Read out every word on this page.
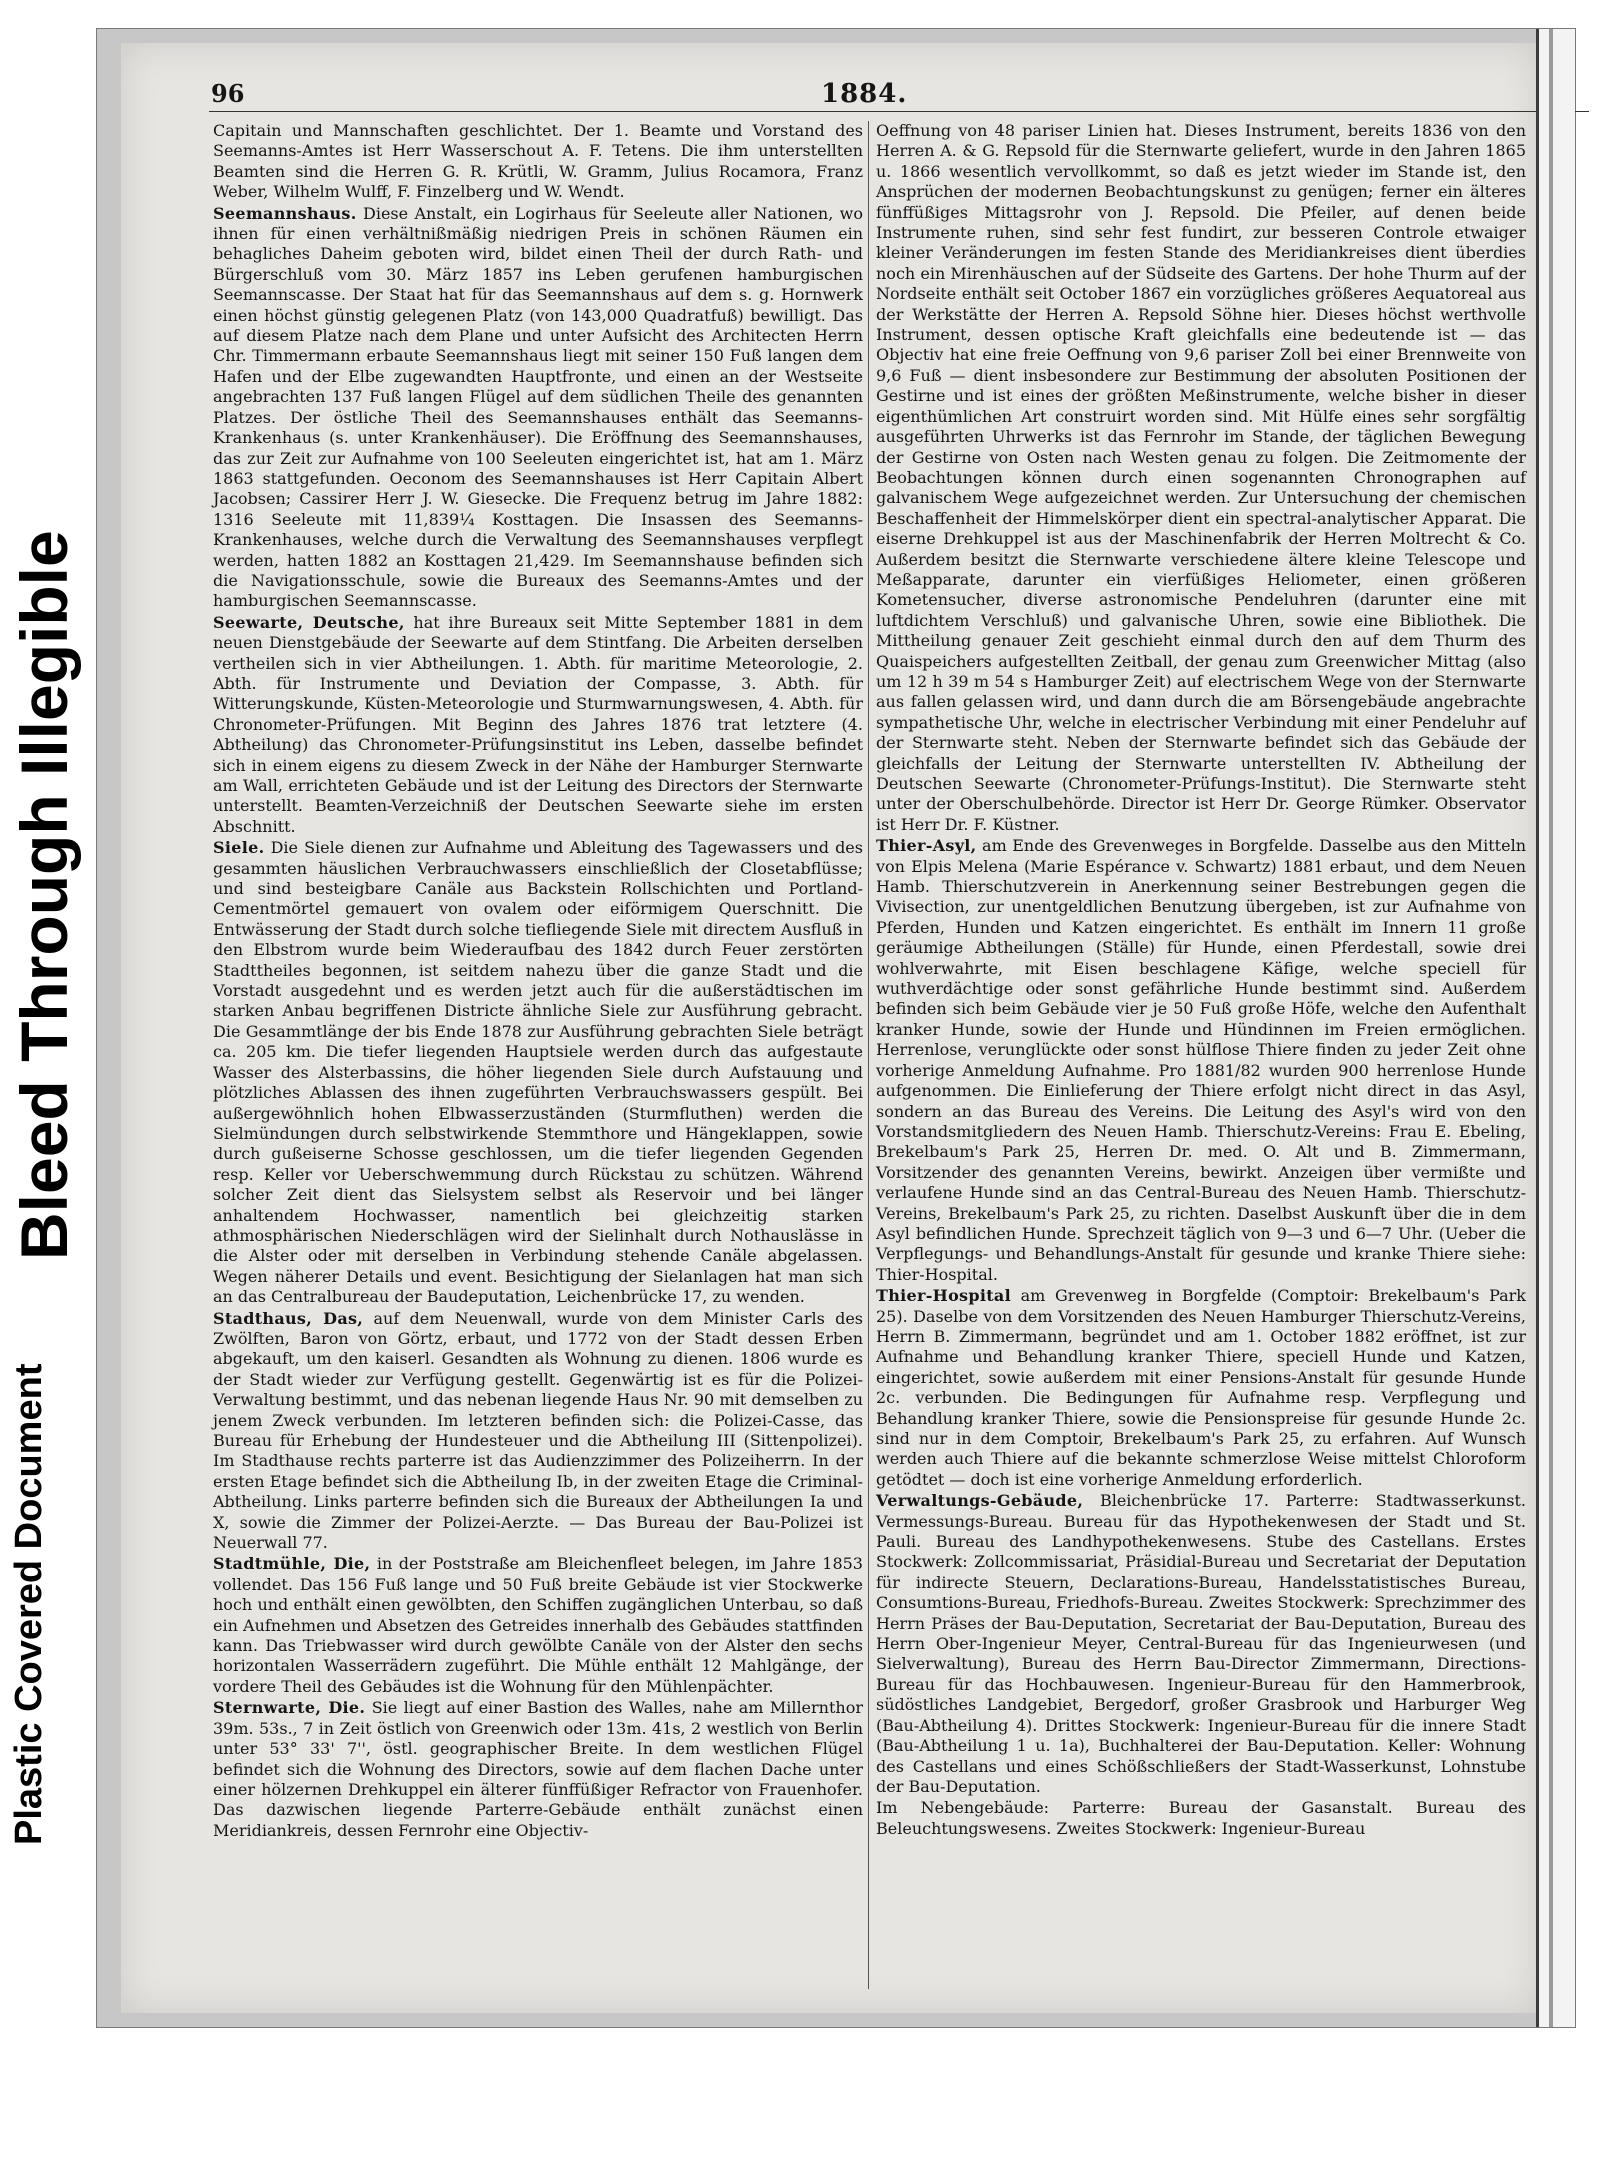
Plastic Covered Document
Bleed Through Illegible
96	1884.

Capitain und Mannschaften geschlichtet. Der 1. Beamte und Vorstand des Seemanns-Amtes ist Herr Wasserschout A. F. Tetens. Die ihm unterstellten Beamten sind die Herren G. R. Krütli, W. Gramm, Julius Rocamora, Franz Weber, Wilhelm Wulff, F. Finzelberg und W. Wendt.

Seemannshaus. Diese Anstalt, ein Logirhaus für Seeleute aller Nationen, wo ihnen für einen verhältnißmäßig niedrigen Preis in schönen Räumen ein behagliches Daheim geboten wird, bildet einen Theil der durch Rath- und Bürgerschluß vom 30. März 1857 ins Leben gerufenen hamburgischen Seemannscasse. Der Staat hat für das Seemannshaus auf dem s. g. Hornwerk einen höchst günstig gelegenen Platz (von 143,000 Quadratfuß) bewilligt. Das auf diesem Platze nach dem Plane und unter Aufsicht des Architecten Herrn Chr. Timmermann erbaute Seemannshaus liegt mit seiner 150 Fuß langen dem Hafen und der Elbe zugewandten Hauptfronte, und einen an der Westseite angebrachten 137 Fuß langen Flügel auf dem südlichen Theile des genannten Platzes. Der östliche Theil des Seemannshauses enthält das Seemanns-Krankenhaus (s. unter Krankenhäuser). Die Eröffnung des Seemannshauses, das zur Zeit zur Aufnahme von 100 Seeleuten eingerichtet ist, hat am 1. März 1863 stattgefunden. Oeconom des Seemannshauses ist Herr Capitain Albert Jacobsen; Cassirer Herr J. W. Giesecke. Die Frequenz betrug im Jahre 1882: 1316 Seeleute mit 11,839¼ Kosttagen. Die Insassen des Seemanns-Krankenhauses, welche durch die Verwaltung des Seemannshauses verpflegt werden, hatten 1882 an Kosttagen 21,429. Im Seemannshause befinden sich die Navigationsschule, sowie die Bureaux des Seemanns-Amtes und der hamburgischen Seemannscasse.

Seewarte, Deutsche, hat ihre Bureaux seit Mitte September 1881 in dem neuen Dienstgebäude der Seewarte auf dem Stintfang. Die Arbeiten derselben vertheilen sich in vier Abtheilungen. 1. Abth. für maritime Meteorologie, 2. Abth. für Instrumente und Deviation der Compasse, 3. Abth. für Witterungskunde, Küsten-Meteorologie und Sturmwarnungswesen, 4. Abth. für Chronometer-Prüfungen. Mit Beginn des Jahres 1876 trat letztere (4. Abtheilung) das Chronometer-Prüfungsinstitut ins Leben, dasselbe befindet sich in einem eigens zu diesem Zweck in der Nähe der Hamburger Sternwarte am Wall, errichteten Gebäude und ist der Leitung des Directors der Sternwarte unterstellt. Beamten-Verzeichniß der Deutschen Seewarte siehe im ersten Abschnitt.

Siele. Die Siele dienen zur Aufnahme und Ableitung des Tagewassers und des gesammten häuslichen Verbrauchwassers einschließlich der Closetabflüsse; und sind besteigbare Canäle aus Backstein Rollschichten und Portland-Cementmörtel gemauert von ovalem oder eiförmigem Querschnitt. Die Entwässerung der Stadt durch solche tiefliegende Siele mit directem Ausfluß in den Elbstrom wurde beim Wiederaufbau des 1842 durch Feuer zerstörten Stadttheiles begonnen, ist seitdem nahezu über die ganze Stadt und die Vorstadt ausgedehnt und es werden jetzt auch für die außerstädtischen im starken Anbau begriffenen Districte ähnliche Siele zur Ausführung gebracht. Die Gesammtlänge der bis Ende 1878 zur Ausführung gebrachten Siele beträgt ca. 205 km. Die tiefer liegenden Hauptsiele werden durch das aufgestaute Wasser des Alsterbassins, die höher liegenden Siele durch Aufstauung und plötzliches Ablassen des ihnen zugeführten Verbrauchswassers gespült. Bei außergewöhnlich hohen Elbwasserzuständen (Sturmfluthen) werden die Sielmündungen durch selbstwirkende Stemmthore und Hängeklappen, sowie durch gußeiserne Schosse geschlossen, um die tiefer liegenden Gegenden resp. Keller vor Ueberschwemmung durch Rückstau zu schützen. Während solcher Zeit dient das Sielsystem selbst als Reservoir und bei länger anhaltendem Hochwasser, namentlich bei gleichzeitig starken athmosphärischen Niederschlägen wird der Sielinhalt durch Nothauslässe in die Alster oder mit derselben in Verbindung stehende Canäle abgelassen. Wegen näherer Details und event. Besichtigung der Sielanlagen hat man sich an das Centralbureau der Baudeputation, Leichenbrücke 17, zu wenden.

Stadthaus, Das, auf dem Neuenwall, wurde von dem Minister Carls des Zwölften, Baron von Görtz, erbaut, und 1772 von der Stadt dessen Erben abgekauft, um den kaiserl. Gesandten als Wohnung zu dienen. 1806 wurde es der Stadt wieder zur Verfügung gestellt. Gegenwärtig ist es für die Polizei-Verwaltung bestimmt, und das nebenan liegende Haus Nr. 90 mit demselben zu jenem Zweck verbunden. Im letzteren befinden sich: die Polizei-Casse, das Bureau für Erhebung der Hundesteuer und die Abtheilung III (Sittenpolizei). Im Stadthause rechts parterre ist das Audienzzimmer des Polizeiherrn. In der ersten Etage befindet sich die Abtheilung Ib, in der zweiten Etage die Criminal-Abtheilung. Links parterre befinden sich die Bureaux der Abtheilungen Ia und X, sowie die Zimmer der Polizei-Aerzte. — Das Bureau der Bau-Polizei ist Neuerwall 77.

Stadtmühle, Die, in der Poststraße am Bleichenfleet belegen, im Jahre 1853 vollendet. Das 156 Fuß lange und 50 Fuß breite Gebäude ist vier Stockwerke hoch und enthält einen gewölbten, den Schiffen zugänglichen Unterbau, so daß ein Aufnehmen und Absetzen des Getreides innerhalb des Gebäudes stattfinden kann. Das Triebwasser wird durch gewölbte Canäle von der Alster den sechs horizontalen Wasserrädern zugeführt. Die Mühle enthält 12 Mahlgänge, der vordere Theil des Gebäudes ist die Wohnung für den Mühlenpächter.

Sternwarte, Die. Sie liegt auf einer Bastion des Walles, nahe am Millernthor 39m. 53s., 7 in Zeit östlich von Greenwich oder 13m. 41s, 2 westlich von Berlin unter 53° 33' 7'', östl. geographischer Breite. In dem westlichen Flügel befindet sich die Wohnung des Directors, sowie auf dem flachen Dache unter einer hölzernen Drehkuppel ein älterer fünffüßiger Refractor von Frauenhofer. Das dazwischen liegende Parterre-Gebäude enthält zunächst einen Meridiankreis, dessen Fernrohr eine Objectiv-

Oeffnung von 48 pariser Linien hat. Dieses Instrument, bereits 1836 von den Herren A. & G. Repsold für die Sternwarte geliefert, wurde in den Jahren 1865 u. 1866 wesentlich vervollkommt, so daß es jetzt wieder im Stande ist, den Ansprüchen der modernen Beobachtungskunst zu genügen; ferner ein älteres fünffüßiges Mittagsrohr von J. Repsold. Die Pfeiler, auf denen beide Instrumente ruhen, sind sehr fest fundirt, zur besseren Controle etwaiger kleiner Veränderungen im festen Stande des Meridiankreises dient überdies noch ein Mirenhäuschen auf der Südseite des Gartens. Der hohe Thurm auf der Nordseite enthält seit October 1867 ein vorzügliches größeres Aequatoreal aus der Werkstätte der Herren A. Repsold Söhne hier. Dieses höchst werthvolle Instrument, dessen optische Kraft gleichfalls eine bedeutende ist — das Objectiv hat eine freie Oeffnung von 9,6 pariser Zoll bei einer Brennweite von 9,6 Fuß — dient insbesondere zur Bestimmung der absoluten Positionen der Gestirne und ist eines der größten Meßinstrumente, welche bisher in dieser eigenthümlichen Art construirt worden sind. Mit Hülfe eines sehr sorgfältig ausgeführten Uhrwerks ist das Fernrohr im Stande, der täglichen Bewegung der Gestirne von Osten nach Westen genau zu folgen. Die Zeitmomente der Beobachtungen können durch einen sogenannten Chronographen auf galvanischem Wege aufgezeichnet werden. Zur Untersuchung der chemischen Beschaffenheit der Himmelskörper dient ein spectral-analytischer Apparat. Die eiserne Drehkuppel ist aus der Maschinenfabrik der Herren Moltrecht & Co. Außerdem besitzt die Sternwarte verschiedene ältere kleine Telescope und Meßapparate, darunter ein vierfüßiges Heliometer, einen größeren Kometensucher, diverse astronomische Pendeluhren (darunter eine mit luftdichtem Verschluß) und galvanische Uhren, sowie eine Bibliothek. Die Mittheilung genauer Zeit geschieht einmal durch den auf dem Thurm des Quaispeichers aufgestellten Zeitball, der genau zum Greenwicher Mittag (also um 12 h 39 m 54 s Hamburger Zeit) auf electrischem Wege von der Sternwarte aus fallen gelassen wird, und dann durch die am Börsengebäude angebrachte sympathetische Uhr, welche in electrischer Verbindung mit einer Pendeluhr auf der Sternwarte steht. Neben der Sternwarte befindet sich das Gebäude der gleichfalls der Leitung der Sternwarte unterstellten IV. Abtheilung der Deutschen Seewarte (Chronometer-Prüfungs-Institut). Die Sternwarte steht unter der Oberschulbehörde. Director ist Herr Dr. George Rümker. Observator ist Herr Dr. F. Küstner.

Thier-Asyl, am Ende des Grevenweges in Borgfelde. Dasselbe aus den Mitteln von Elpis Melena (Marie Espérance v. Schwartz) 1881 erbaut, und dem Neuen Hamb. Thierschutzverein in Anerkennung seiner Bestrebungen gegen die Vivisection, zur unentgeldlichen Benutzung übergeben, ist zur Aufnahme von Pferden, Hunden und Katzen eingerichtet. Es enthält im Innern 11 große geräumige Abtheilungen (Ställe) für Hunde, einen Pferdestall, sowie drei wohlverwahrte, mit Eisen beschlagene Käfige, welche speciell für wuthverdächtige oder sonst gefährliche Hunde bestimmt sind. Außerdem befinden sich beim Gebäude vier je 50 Fuß große Höfe, welche den Aufenthalt kranker Hunde, sowie der Hunde und Hündinnen im Freien ermöglichen. Herrenlose, verunglückte oder sonst hülflose Thiere finden zu jeder Zeit ohne vorherige Anmeldung Aufnahme. Pro 1881/82 wurden 900 herrenlose Hunde aufgenommen. Die Einlieferung der Thiere erfolgt nicht direct in das Asyl, sondern an das Bureau des Vereins. Die Leitung des Asyl's wird von den Vorstandsmitgliedern des Neuen Hamb. Thierschutz-Vereins: Frau E. Ebeling, Brekelbaum's Park 25, Herren Dr. med. O. Alt und B. Zimmermann, Vorsitzender des genannten Vereins, bewirkt. Anzeigen über vermißte und verlaufene Hunde sind an das Central-Bureau des Neuen Hamb. Thierschutz-Vereins, Brekelbaum's Park 25, zu richten. Daselbst Auskunft über die in dem Asyl befindlichen Hunde. Sprechzeit täglich von 9—3 und 6—7 Uhr. (Ueber die Verpflegungs- und Behandlungs-Anstalt für gesunde und kranke Thiere siehe: Thier-Hospital.

Thier-Hospital am Grevenweg in Borgfelde (Comptoir: Brekelbaum's Park 25). Daselbe von dem Vorsitzenden des Neuen Hamburger Thierschutz-Vereins, Herrn B. Zimmermann, begründet und am 1. October 1882 eröffnet, ist zur Aufnahme und Behandlung kranker Thiere, speciell Hunde und Katzen, eingerichtet, sowie außerdem mit einer Pensions-Anstalt für gesunde Hunde 2c. verbunden. Die Bedingungen für Aufnahme resp. Verpflegung und Behandlung kranker Thiere, sowie die Pensionspreise für gesunde Hunde 2c. sind nur in dem Comptoir, Brekelbaum's Park 25, zu erfahren. Auf Wunsch werden auch Thiere auf die bekannte schmerzlose Weise mittelst Chloroform getödtet — doch ist eine vorherige Anmeldung erforderlich.

Verwaltungs-Gebäude, Bleichenbrücke 17. Parterre: Stadtwasserkunst. Vermessungs-Bureau. Bureau für das Hypothekenwesen der Stadt und St. Pauli. Bureau des Landhypothekenwesens. Stube des Castellans. Erstes Stockwerk: Zollcommissariat, Präsidial-Bureau und Secretariat der Deputation für indirecte Steuern, Declarations-Bureau, Handelsstatistisches Bureau, Consumtions-Bureau, Friedhofs-Bureau. Zweites Stockwerk: Sprechzimmer des Herrn Präses der Bau-Deputation, Secretariat der Bau-Deputation, Bureau des Herrn Ober-Ingenieur Meyer, Central-Bureau für das Ingenieurwesen (und Sielverwaltung), Bureau des Herrn Bau-Director Zimmermann, Directions-Bureau für das Hochbauwesen. Ingenieur-Bureau für den Hammerbrook, südöstliches Landgebiet, Bergedorf, großer Grasbrook und Harburger Weg (Bau-Abtheilung 4). Drittes Stockwerk: Ingenieur-Bureau für die innere Stadt (Bau-Abtheilung 1 u. 1a), Buchhalterei der Bau-Deputation. Keller: Wohnung des Castellans und eines Schößschließers der Stadt-Wasserkunst, Lohnstube der Bau-Deputation.

Im Nebengebäude: Parterre: Bureau der Gasanstalt. Bureau des Beleuchtungswesens. Zweites Stockwerk: Ingenieur-Bureau
